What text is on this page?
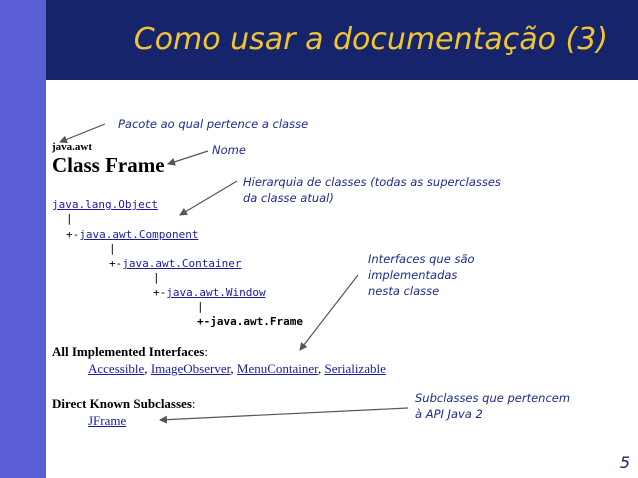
Como usar a documentação (3)
Pacote ao qual pertence a classe
Nome
Hierarquia de classes (todas as superclasses
da classe atual)
Interfaces que são
implementadas
nesta classe
Subclasses que pertencem
à API Java 2
java.awt
Class Frame
java.lang.Object
|
+-java.awt.Component
|
+-java.awt.Container
|
+-java.awt.Window
|
+-java.awt.Frame
All Implemented Interfaces:
Accessible, ImageObserver, MenuContainer, Serializable
Direct Known Subclasses:
JFrame
5
